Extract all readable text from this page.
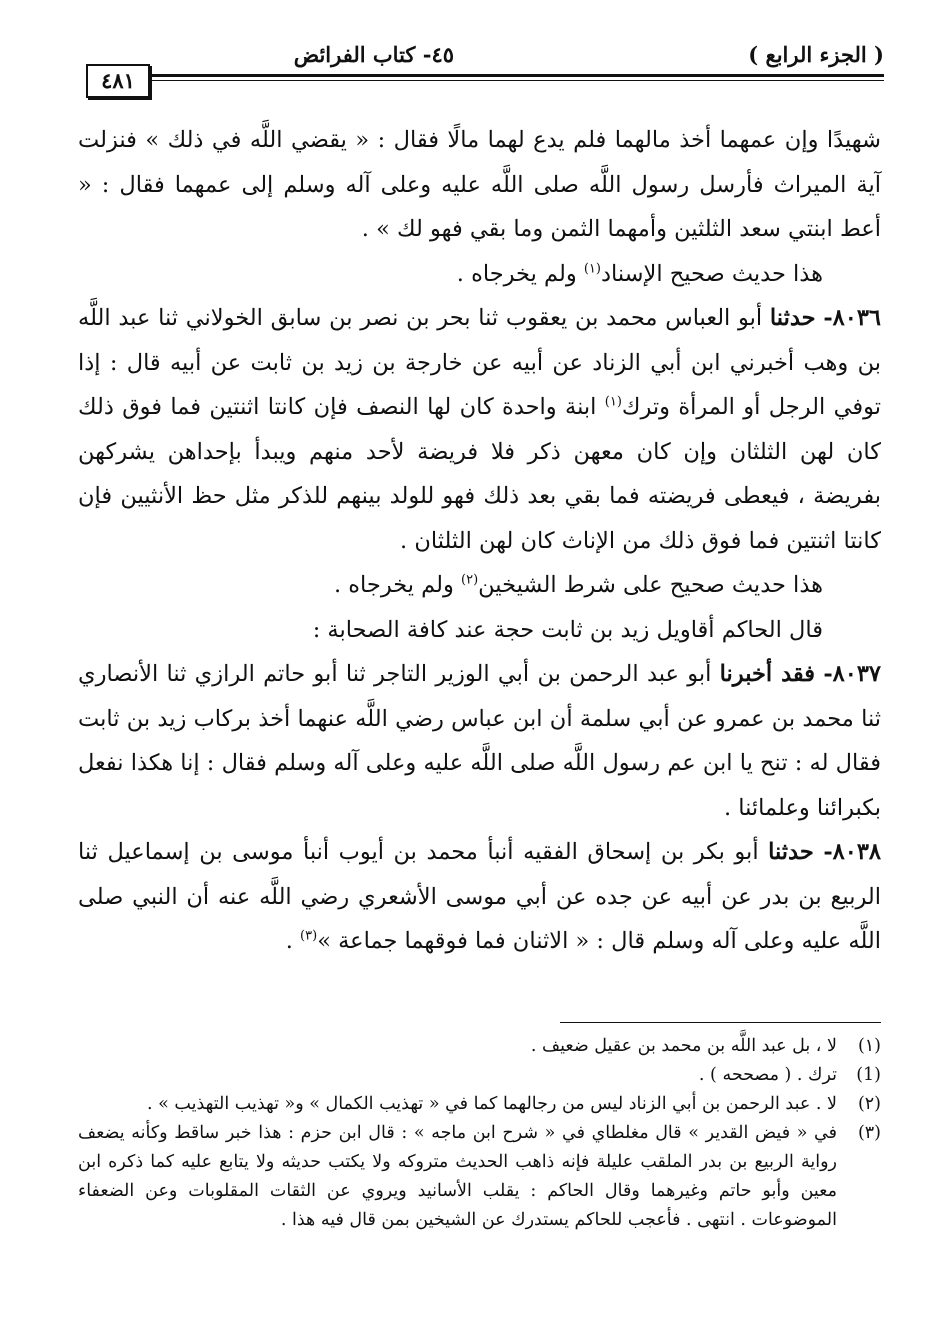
( الجزء الرابع )
٤٥- كتاب الفرائض
٤٨١

شهيدًا وإن عمهما أخذ مالهما فلم يدع لهما مالًا فقال : « يقضي اللَّه في ذلك » فنزلت آية الميراث فأرسل رسول اللَّه صلى اللَّه عليه وعلى آله وسلم إلى عمهما فقال : « أعط ابنتي سعد الثلثين وأمهما الثمن وما بقي فهو لك » .

هذا حديث صحيح الإسناد$^{(١)}$ ولم يخرجاه .

٨٠٣٦- حدثنا أبو العباس محمد بن يعقوب ثنا بحر بن نصر بن سابق الخولاني ثنا عبد اللَّه بن وهب أخبرني ابن أبي الزناد عن أبيه عن خارجة بن زيد بن ثابت عن أبيه قال : إذا توفي الرجل أو المرأة وترك$^{(١)}$ ابنة واحدة كان لها النصف فإن كانتا اثنتين فما فوق ذلك كان لهن الثلثان وإن كان معهن ذكر فلا فريضة لأحد منهم ويبدأ بإحداهن يشركهن بفريضة ، فيعطى فريضته فما بقي بعد ذلك فهو للولد بينهم للذكر مثل حظ الأنثيين فإن كانتا اثنتين فما فوق ذلك من الإناث كان لهن الثلثان .

هذا حديث صحيح على شرط الشيخين$^{(٢)}$ ولم يخرجاه .

قال الحاكم أقاويل زيد بن ثابت حجة عند كافة الصحابة :

٨٠٣٧- فقد أخبرنا أبو عبد الرحمن بن أبي الوزير التاجر ثنا أبو حاتم الرازي ثنا الأنصاري ثنا محمد بن عمرو عن أبي سلمة أن ابن عباس رضي اللَّه عنهما أخذ بركاب زيد بن ثابت فقال له : تنح يا ابن عم رسول اللَّه صلى اللَّه عليه وعلى آله وسلم فقال : إنا هكذا نفعل بكبرائنا وعلمائنا .

٨٠٣٨- حدثنا أبو بكر بن إسحاق الفقيه أنبأ محمد بن أيوب أنبأ موسى بن إسماعيل ثنا الربيع بن بدر عن أبيه عن جده عن أبي موسى الأشعري رضي اللَّه عنه أن النبي صلى اللَّه عليه وعلى آله وسلم قال : « الاثنان فما فوقهما جماعة »$^{(٣)}$ .

(١)
لا ، بل عبد اللَّه بن محمد بن عقيل ضعيف .

(1)
ترك . ( مصححه ) .

(٢)
لا . عبد الرحمن بن أبي الزناد ليس من رجالهما كما في « تهذيب الكمال » و« تهذيب التهذيب » .

(٣)
في « فيض القدير » قال مغلطاي في « شرح ابن ماجه » : قال ابن حزم : هذا خبر ساقط وكأنه يضعف رواية الربيع بن بدر الملقب عليلة فإنه ذاهب الحديث متروكه ولا يكتب حديثه ولا يتابع عليه كما ذكره ابن معين وأبو حاتم وغيرهما وقال الحاكم : يقلب الأسانيد ويروي عن الثقات المقلوبات وعن الضعفاء الموضوعات . انتهى . فأعجب للحاكم يستدرك عن الشيخين بمن قال فيه هذا .
